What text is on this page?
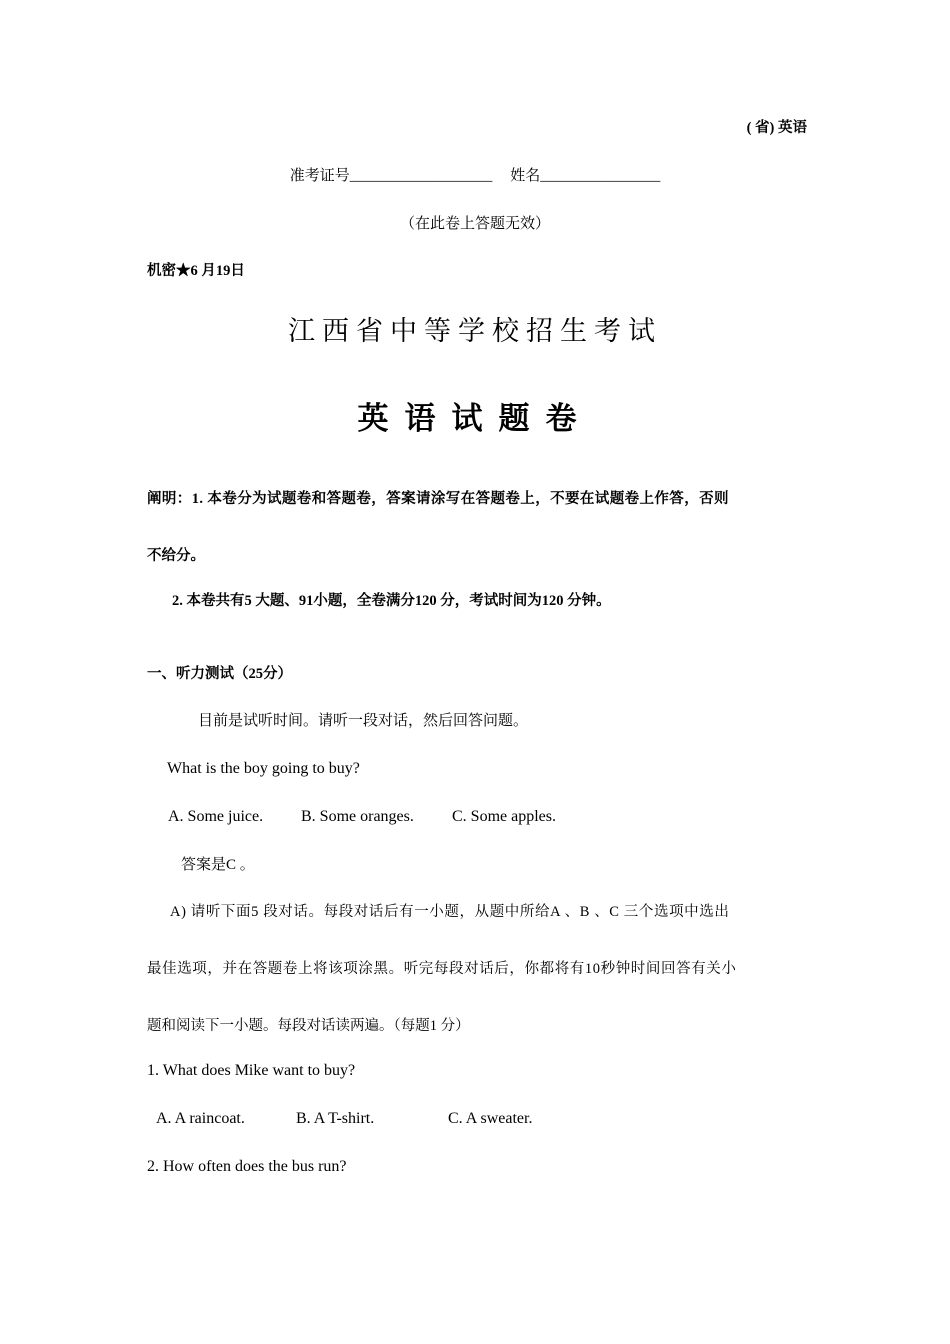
( 省) 英语
准考证号___________________ 姓名________________
（在此卷上答题无效）
机密★6 月19日
江西省中等学校招生考试
英语试题卷
阐明：1. 本卷分为试题卷和答题卷，答案请涂写在答题卷上，不要在试题卷上作答，否则
不给分。
2. 本卷共有5 大题、91小题，全卷满分120 分，考试时间为120 分钟。
一、听力测试（25分）
目前是试听时间。请听一段对话，然后回答问题。
What is the boy going to buy?
A. Some juice. B. Some oranges. C. Some apples.
答案是C 。
A) 请听下面5 段对话。每段对话后有一小题，从题中所给A 、B 、C 三个选项中选出
最佳选项，并在答题卷上将该项涂黑。听完每段对话后，你都将有10秒钟时间回答有关小
题和阅读下一小题。每段对话读两遍。（每题1 分）
1. What does Mike want to buy?
A. A raincoat.	B. A T-shirt.	C. A sweater.
2. How often does the bus run?
